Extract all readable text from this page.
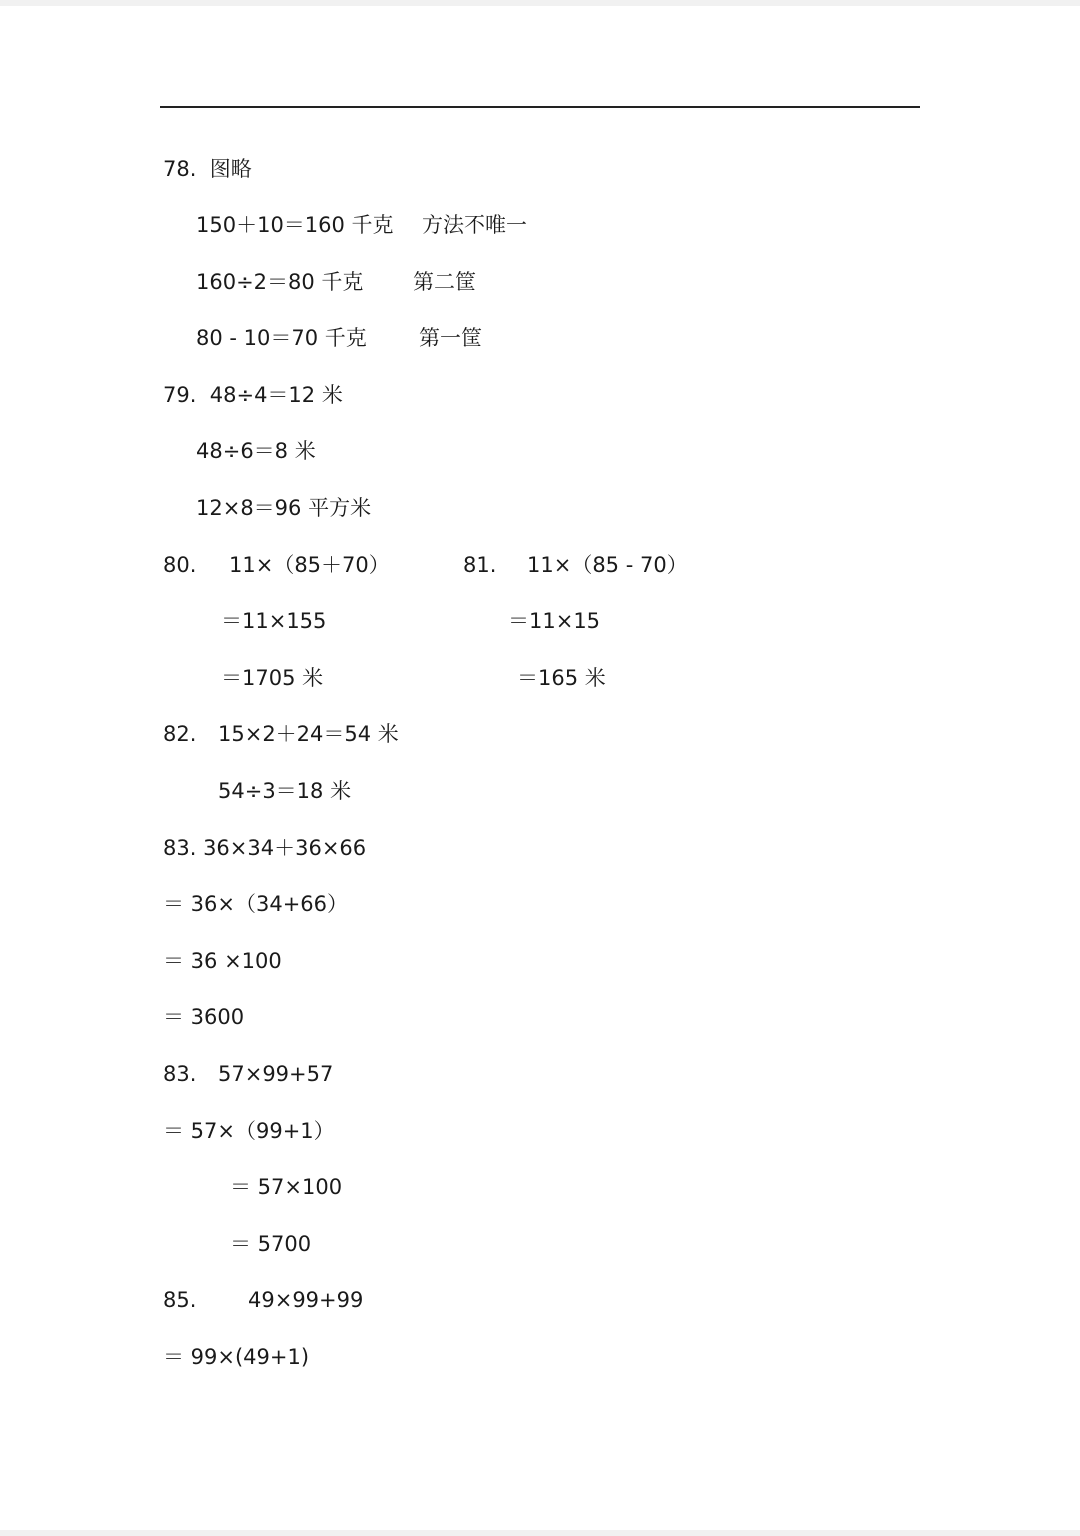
78.  图略
150＋10＝160 千克 方法不唯一
160÷2＝80 千克 第二筐
80 - 10＝70 千克 第一筐
79.  48÷4＝12 米
48÷6＝8 米
12×8＝96 平方米
80. 11×（85＋70）	81. 11×（85 - 70）
＝11×155	＝11×15
＝1705 米	＝165 米
82. 15×2＋24＝54 米
54÷3＝18 米
83. 36×34＋36×66
＝ 36×（34+66）
＝ 36 ×100
＝ 3600
83. 57×99+57
＝ 57×（99+1）
＝ 57×100
＝ 5700
85. 49×99+99
＝ 99×(49+1)
